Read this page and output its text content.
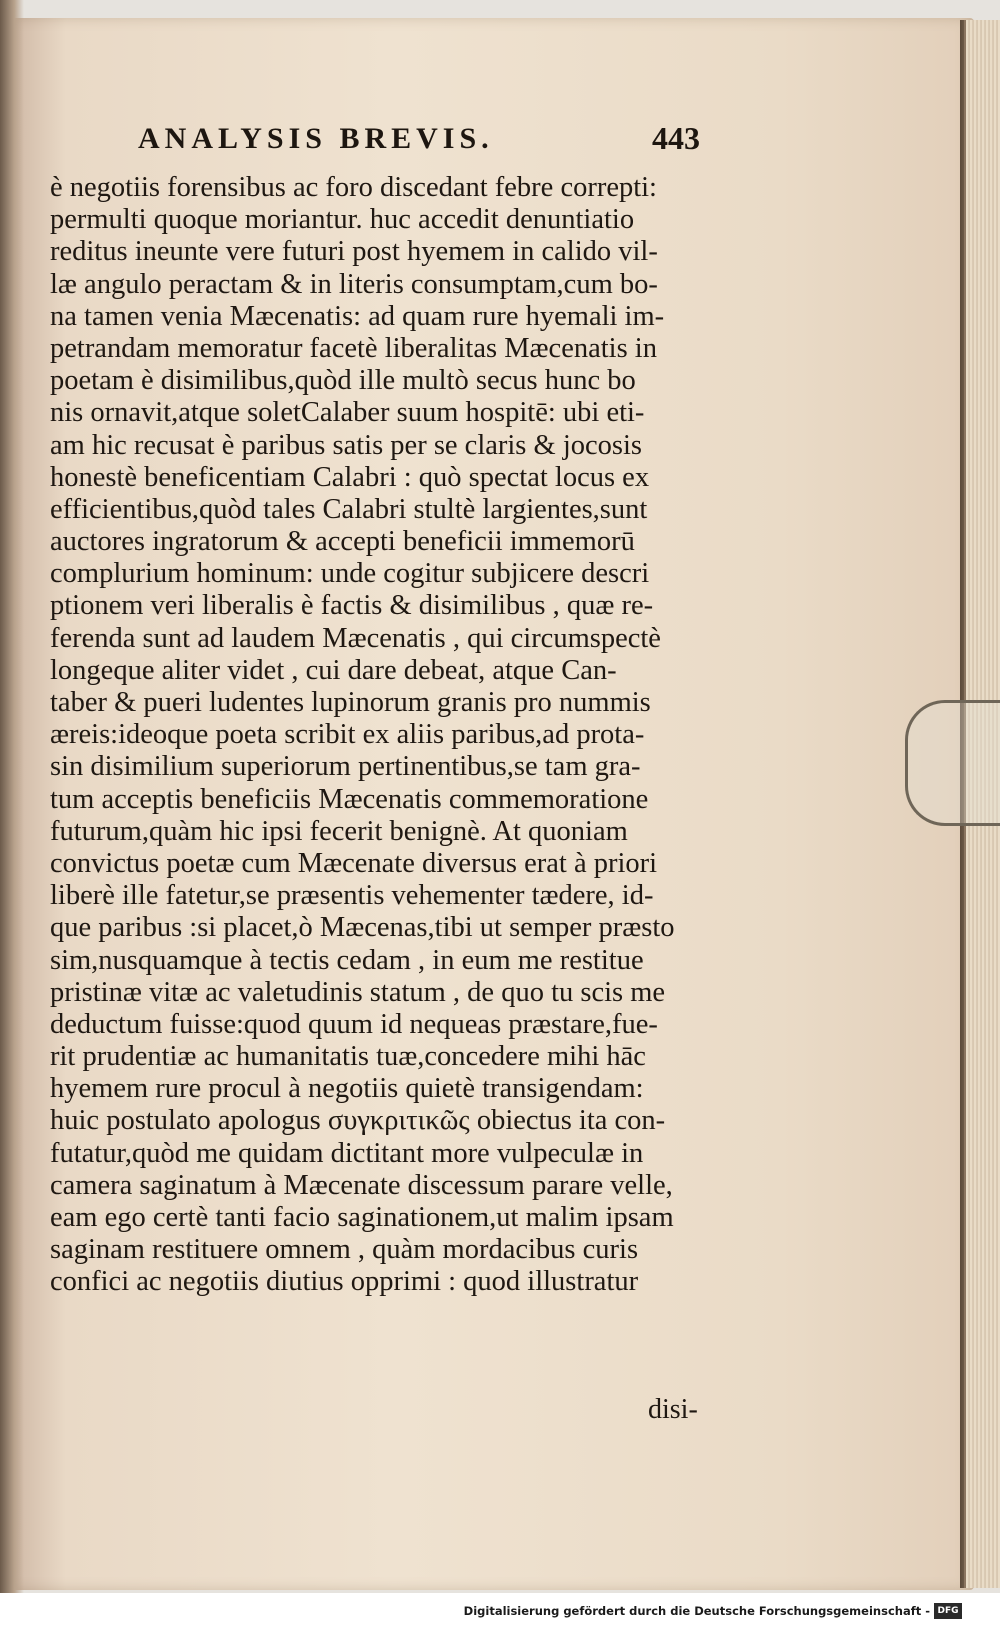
ANALYSIS BREVIS.	443
è negotiis forensibus ac foro discedant febre correpti:
permulti quoque moriantur. huc accedit denuntiatio
reditus ineunte vere futuri post hyemem in calido vil-
læ angulo peractam & in literis consumptam,cum bo-
na tamen venia Mæcenatis: ad quam rure hyemali im-
petrandam memoratur facetè liberalitas Mæcenatis in
poetam è disimilibus,quòd ille multò secus hunc bo
nis ornavit,atque soletCalaber suum hospitē: ubi eti-
am hic recusat è paribus satis per se claris & jocosis
honestè beneficentiam Calabri : quò spectat locus ex
efficientibus,quòd tales Calabri stultè largientes,sunt
auctores ingratorum & accepti beneficii immemorū
complurium hominum: unde cogitur subjicere descri
ptionem veri liberalis è factis & disimilibus , quæ re-
ferenda sunt ad laudem Mæcenatis , qui circumspectè
longeque aliter videt , cui dare debeat, atque Can-
taber & pueri ludentes lupinorum granis pro nummis
æreis:ideoque poeta scribit ex aliis paribus,ad prota-
sin disimilium superiorum pertinentibus,se tam gra-
tum acceptis beneficiis Mæcenatis commemoratione
futurum,quàm hic ipsi fecerit benignè. At quoniam
convictus poetæ cum Mæcenate diversus erat à priori
liberè ille fatetur,se præsentis vehementer tædere, id-
que paribus :si placet,ò Mæcenas,tibi ut semper præsto
sim,nusquamque à tectis cedam , in eum me restitue
pristinæ vitæ ac valetudinis statum , de quo tu scis me
deductum fuisse:quod quum id nequeas præstare,fue-
rit prudentiæ ac humanitatis tuæ,concedere mihi hāc
hyemem rure procul à negotiis quietè transigendam:
huic postulato apologus συγκριτικῶς obiectus ita con-
futatur,quòd me quidam dictitant more vulpeculæ in
camera saginatum à Mæcenate discessum parare velle,
eam ego certè tanti facio saginationem,ut malim ipsam
saginam restituere omnem , quàm mordacibus curis
confici ac negotiis diutius opprimi : quod illustratur
disi-
Digitalisierung gefördert durch die Deutsche Forschungsgemeinschaft - DFG
